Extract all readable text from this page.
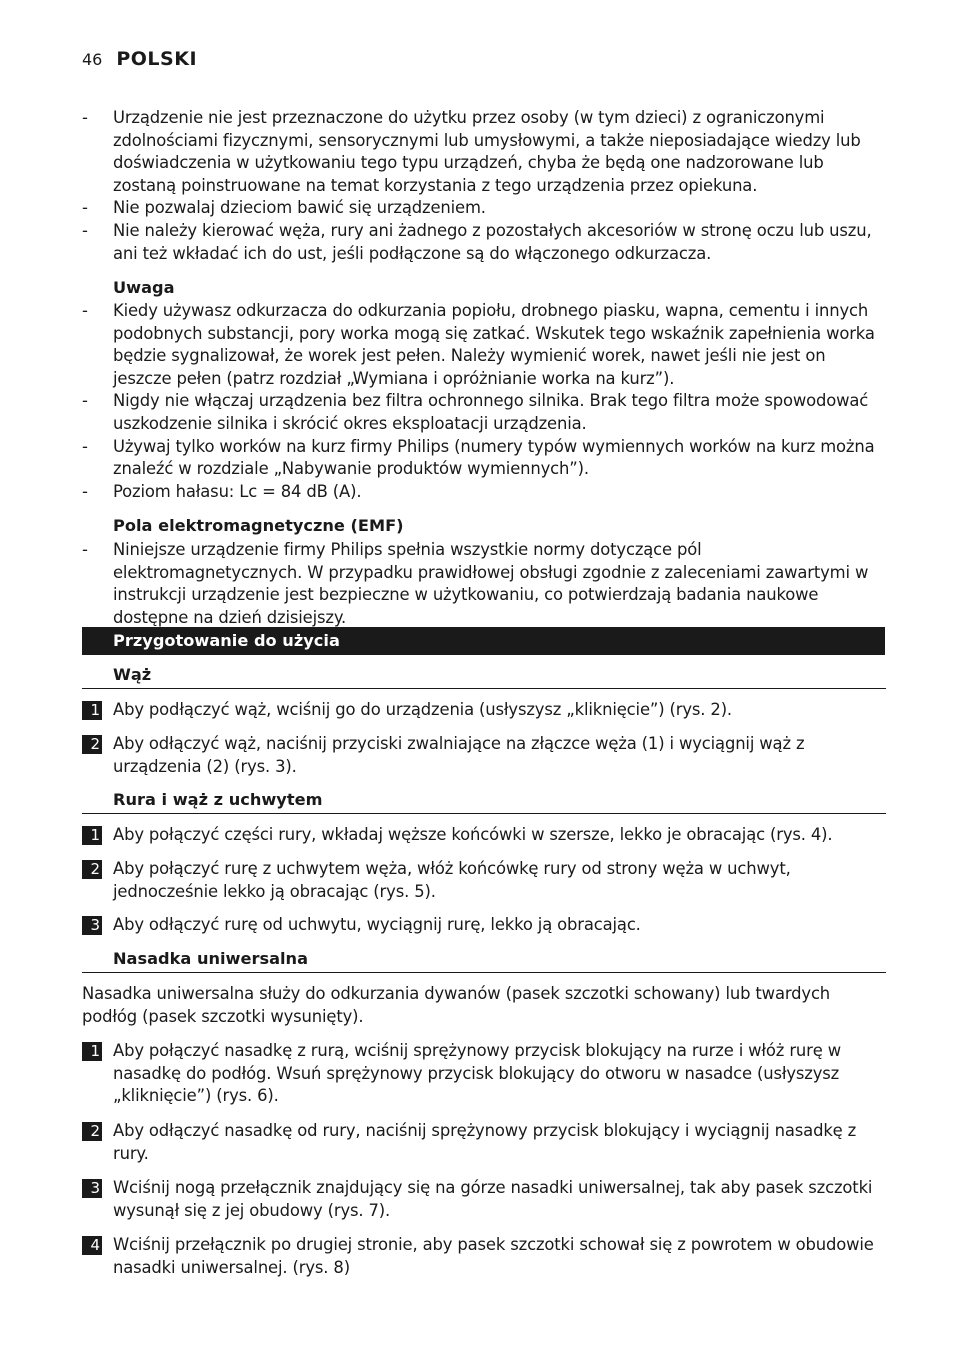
46 POLSKI
- Urządzenie nie jest przeznaczone do użytku przez osoby (w tym dzieci) z ograniczonymi zdolnościami fizycznymi, sensorycznymi lub umysłowymi, a także nieposiadające wiedzy lub doświadczenia w użytkowaniu tego typu urządzeń, chyba że będą one nadzorowane lub zostaną poinstruowane na temat korzystania z tego urządzenia przez opiekuna.
- Nie pozwalaj dzieciom bawić się urządzeniem.
- Nie należy kierować węża, rury ani żadnego z pozostałych akcesoriów w stronę oczu lub uszu, ani też wkładać ich do ust, jeśli podłączone są do włączonego odkurzacza.
Uwaga
- Kiedy używasz odkurzacza do odkurzania popiołu, drobnego piasku, wapna, cementu i innych podobnych substancji, pory worka mogą się zatkać. Wskutek tego wskaźnik zapełnienia worka będzie sygnalizował, że worek jest pełen. Należy wymienić worek, nawet jeśli nie jest on jeszcze pełen (patrz rozdział „Wymiana i opróżnianie worka na kurz”).
- Nigdy nie włączaj urządzenia bez filtra ochronnego silnika. Brak tego filtra może spowodować uszkodzenie silnika i skrócić okres eksploatacji urządzenia.
- Używaj tylko worków na kurz firmy Philips (numery typów wymiennych worków na kurz można znaleźć w rozdziale „Nabywanie produktów wymiennych”).
- Poziom hałasu: Lc = 84 dB (A).
Pola elektromagnetyczne (EMF)
- Niniejsze urządzenie firmy Philips spełnia wszystkie normy dotyczące pól elektromagnetycznych. W przypadku prawidłowej obsługi zgodnie z zaleceniami zawartymi w instrukcji urządzenie jest bezpieczne w użytkowaniu, co potwierdzają badania naukowe dostępne na dzień dzisiejszy.
Przygotowanie do użycia
Wąż
1 Aby podłączyć wąż, wciśnij go do urządzenia (usłyszysz „kliknięcie”) (rys. 2).
2 Aby odłączyć wąż, naciśnij przyciski zwalniające na złączce węża (1) i wyciągnij wąż z urządzenia (2) (rys. 3).
Rura i wąż z uchwytem
1 Aby połączyć części rury, wkładaj węższe końcówki w szersze, lekko je obracając (rys. 4).
2 Aby połączyć rurę z uchwytem węża, włóż końcówkę rury od strony węża w uchwyt, jednocześnie lekko ją obracając (rys. 5).
3 Aby odłączyć rurę od uchwytu, wyciągnij rurę, lekko ją obracając.
Nasadka uniwersalna
Nasadka uniwersalna służy do odkurzania dywanów (pasek szczotki schowany) lub twardych podłóg (pasek szczotki wysunięty).
1 Aby połączyć nasadkę z rurą, wciśnij sprężynowy przycisk blokujący na rurze i włóż rurę w nasadkę do podłóg. Wsuń sprężynowy przycisk blokujący do otworu w nasadce (usłyszysz „kliknięcie”) (rys. 6).
2 Aby odłączyć nasadkę od rury, naciśnij sprężynowy przycisk blokujący i wyciągnij nasadkę z rury.
3 Wciśnij nogą przełącznik znajdujący się na górze nasadki uniwersalnej, tak aby pasek szczotki wysunął się z jej obudowy (rys. 7).
4 Wciśnij przełącznik po drugiej stronie, aby pasek szczotki schował się z powrotem w obudowie nasadki uniwersalnej. (rys. 8)
